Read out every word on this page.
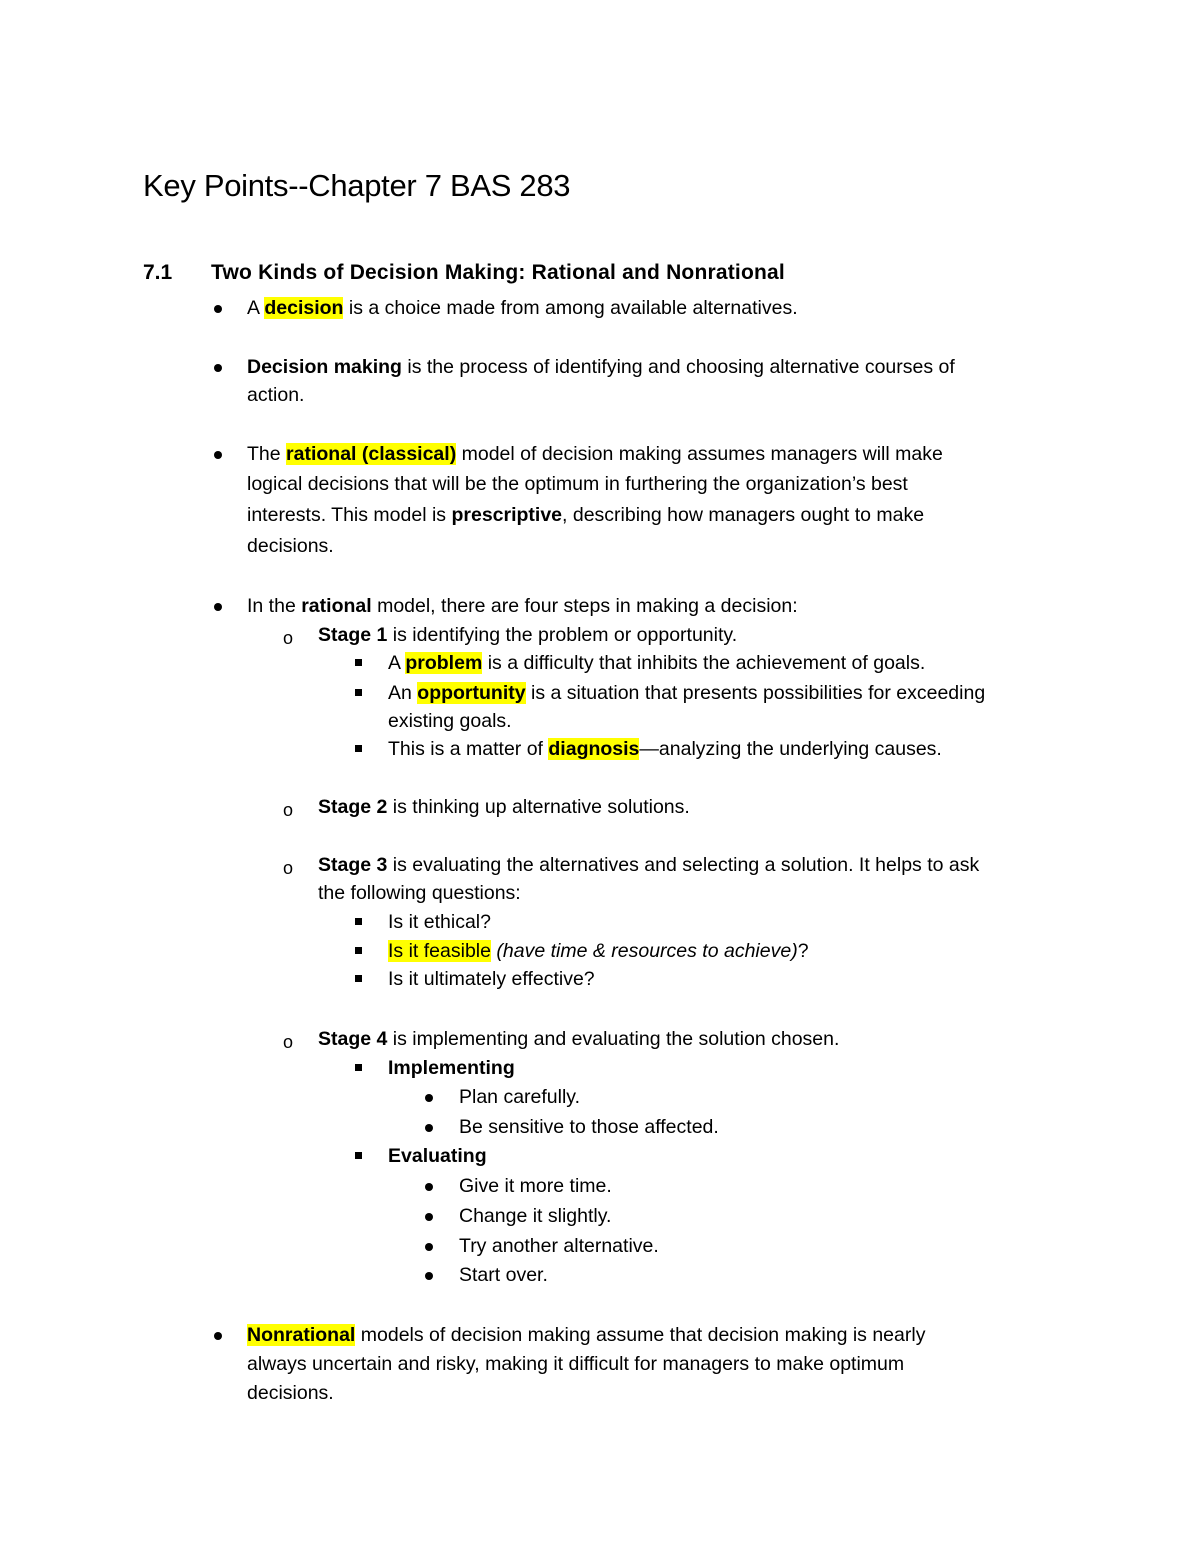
Key Points--Chapter 7 BAS 283
7.1 Two Kinds of Decision Making: Rational and Nonrational
A decision is a choice made from among available alternatives.
Decision making is the process of identifying and choosing alternative courses of
action.
The rational (classical) model of decision making assumes managers will make
logical decisions that will be the optimum in furthering the organization’s best
interests. This model is prescriptive, describing how managers ought to make
decisions.
In the rational model, there are four steps in making a decision:
o Stage 1 is identifying the problem or opportunity.
A problem is a difficulty that inhibits the achievement of goals.
An opportunity is a situation that presents possibilities for exceeding
existing goals.
This is a matter of diagnosis—analyzing the underlying causes.
o Stage 2 is thinking up alternative solutions.
o Stage 3 is evaluating the alternatives and selecting a solution. It helps to ask
the following questions:
Is it ethical?
Is it feasible (have time & resources to achieve)?
Is it ultimately effective?
o Stage 4 is implementing and evaluating the solution chosen.
Implementing
Plan carefully.
Be sensitive to those affected.
Evaluating
Give it more time.
Change it slightly.
Try another alternative.
Start over.
Nonrational models of decision making assume that decision making is nearly
always uncertain and risky, making it difficult for managers to make optimum
decisions.
